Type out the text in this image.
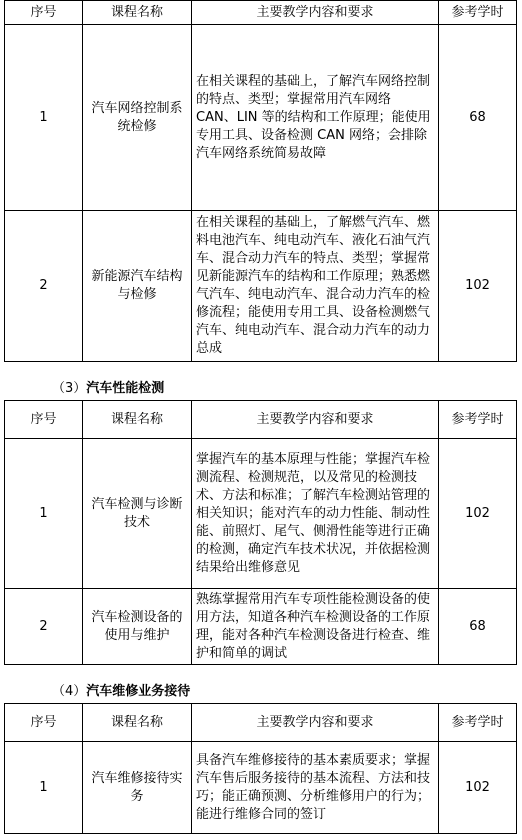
序号	课程名称	主要教学内容和要求	参考学时
1	汽车网络控制系统检修	在相关课程的基础上，了解汽车网络控制的特点、类型；掌握常用汽车网络 CAN、LIN 等的结构和工作原理；能使用专用工具、设备检测 CAN 网络；会排除汽车网络系统简易故障	68
2	新能源汽车结构与检修	在相关课程的基础上，了解燃气汽车、燃料电池汽车、纯电动汽车、液化石油气汽车、混合动力汽车的特点、类型；掌握常见新能源汽车的结构和工作原理；熟悉燃气汽车、纯电动汽车、混合动力汽车的检修流程；能使用专用工具、设备检测燃气汽车、纯电动汽车、混合动力汽车的动力总成	102
（3）汽车性能检测
序号	课程名称	主要教学内容和要求	参考学时
1	汽车检测与诊断技术	掌握汽车的基本原理与性能；掌握汽车检测流程、检测规范，以及常见的检测技术、方法和标准；了解汽车检测站管理的相关知识；能对汽车的动力性能、制动性能、前照灯、尾气、侧滑性能等进行正确的检测，确定汽车技术状况，并依据检测结果给出维修意见	102
2	汽车检测设备的使用与维护	熟练掌握常用汽车专项性能检测设备的使用方法，知道各种汽车检测设备的工作原理，能对各种汽车检测设备进行检查、维护和简单的调试	68
（4）汽车维修业务接待
序号	课程名称	主要教学内容和要求	参考学时
1	汽车维修接待实务	具备汽车维修接待的基本素质要求；掌握汽车售后服务接待的基本流程、方法和技巧；能正确预测、分析维修用户的行为；能进行维修合同的签订	102
